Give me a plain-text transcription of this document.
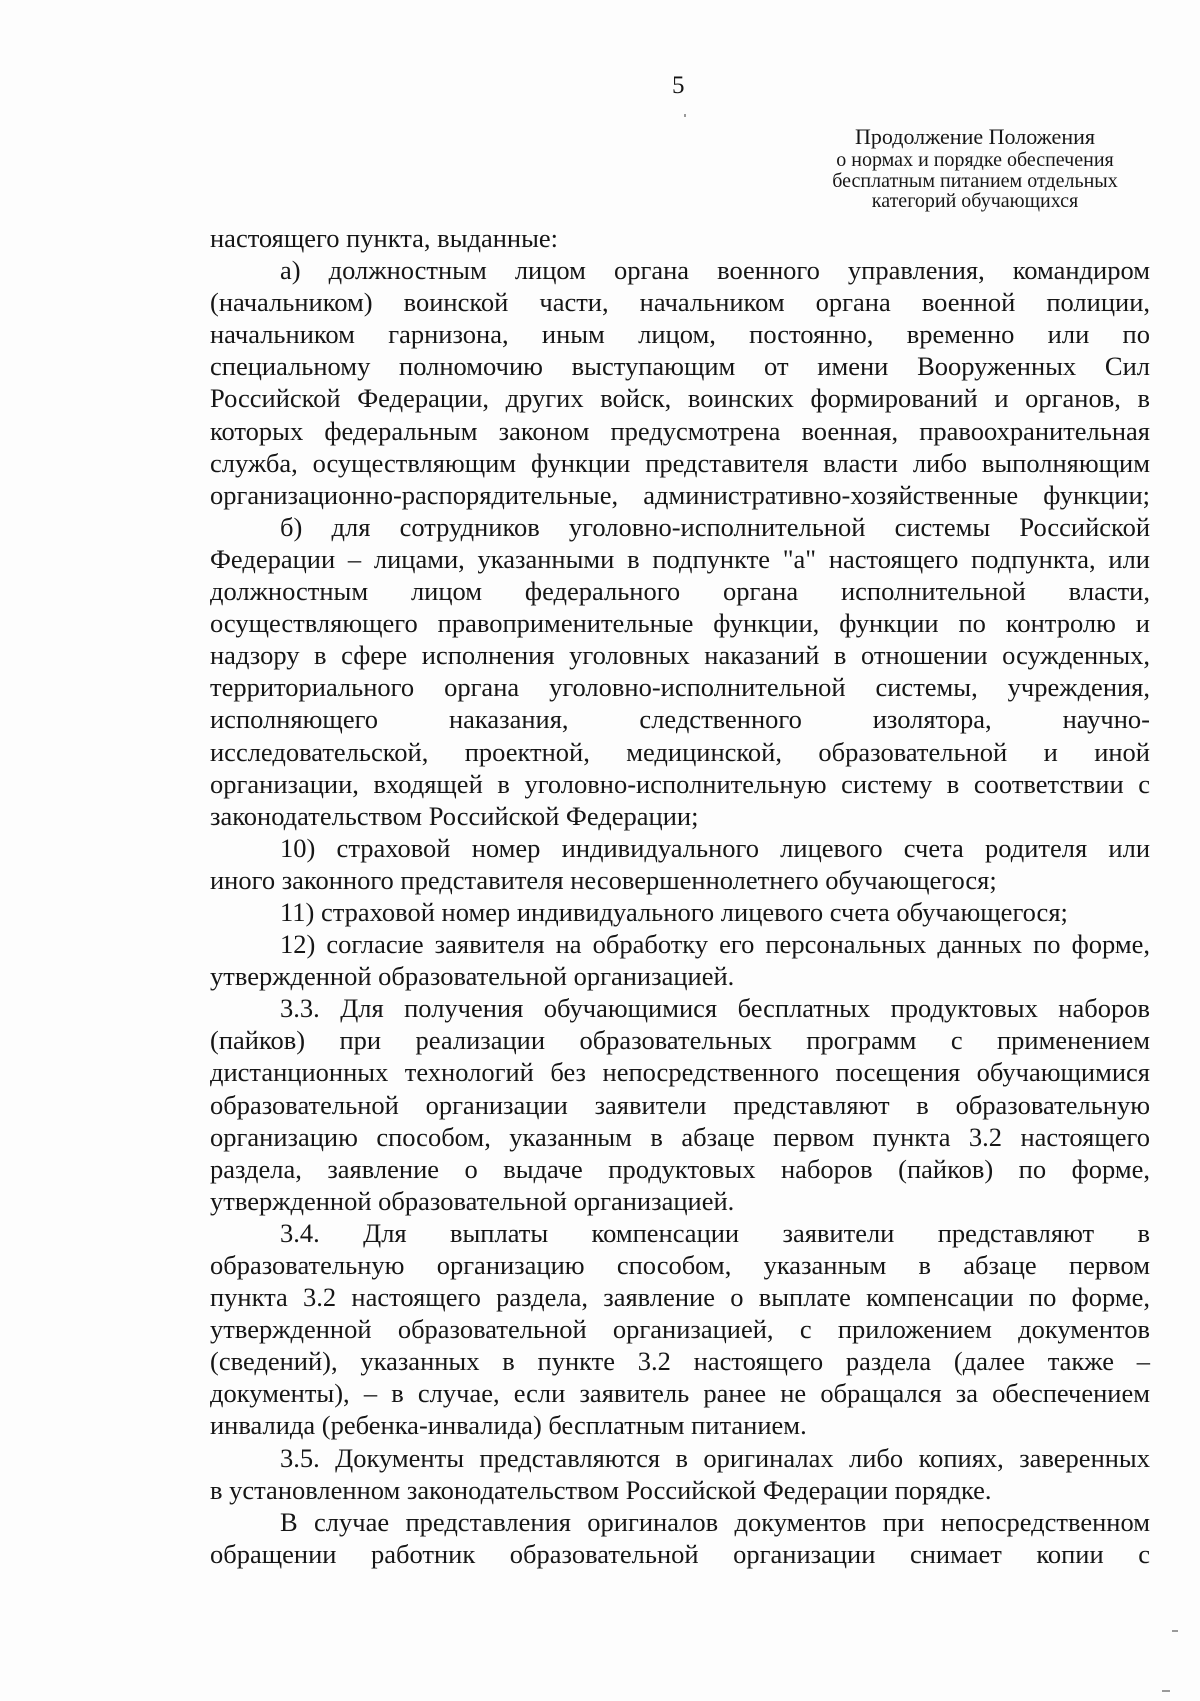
5
Продолжение Положения
о нормах и порядке обеспечения
бесплатным питанием отдельных
категорий обучающихся
настоящего пункта, выданные:
а) должностным лицом органа военного управления, командиром
(начальником) воинской части, начальником органа военной полиции,
начальником гарнизона, иным лицом, постоянно, временно или по
специальному полномочию выступающим от имени Вооруженных Сил
Российской Федерации, других войск, воинских формирований и органов, в
которых федеральным законом предусмотрена военная, правоохранительная
служба, осуществляющим функции представителя власти либо выполняющим
организационно-распорядительные, административно-хозяйственные функции;
б) для сотрудников уголовно-исполнительной системы Российской
Федерации – лицами, указанными в подпункте "а" настоящего подпункта, или
должностным лицом федерального органа исполнительной власти,
осуществляющего правоприменительные функции, функции по контролю и
надзору в сфере исполнения уголовных наказаний в отношении осужденных,
территориального органа уголовно-исполнительной системы, учреждения,
исполняющего наказания, следственного изолятора, научно-
исследовательской, проектной, медицинской, образовательной и иной
организации, входящей в уголовно-исполнительную систему в соответствии с
законодательством Российской Федерации;
10) страховой номер индивидуального лицевого счета родителя или
иного законного представителя несовершеннолетнего обучающегося;
11) страховой номер индивидуального лицевого счета обучающегося;
12) согласие заявителя на обработку его персональных данных по форме,
утвержденной образовательной организацией.
3.3. Для получения обучающимися бесплатных продуктовых наборов
(пайков) при реализации образовательных программ с применением
дистанционных технологий без непосредственного посещения обучающимися
образовательной организации заявители представляют в образовательную
организацию способом, указанным в абзаце первом пункта 3.2 настоящего
раздела, заявление о выдаче продуктовых наборов (пайков) по форме,
утвержденной образовательной организацией.
3.4. Для выплаты компенсации заявители представляют в
образовательную организацию способом, указанным в абзаце первом
пункта 3.2 настоящего раздела, заявление о выплате компенсации по форме,
утвержденной образовательной организацией, с приложением документов
(сведений), указанных в пункте 3.2 настоящего раздела (далее также –
документы), – в случае, если заявитель ранее не обращался за обеспечением
инвалида (ребенка-инвалида) бесплатным питанием.
3.5. Документы представляются в оригиналах либо копиях, заверенных
в установленном законодательством Российской Федерации порядке.
В случае представления оригиналов документов при непосредственном
обращении работник образовательной организации снимает копии с
